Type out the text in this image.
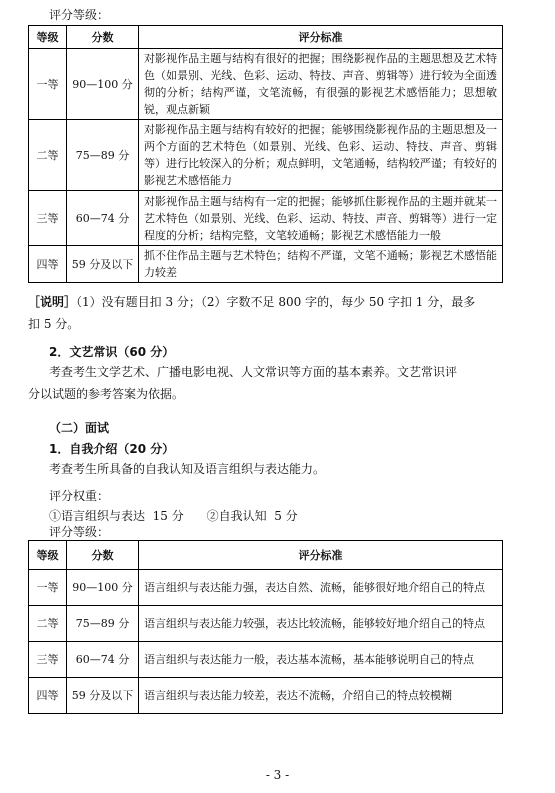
评分等级：
等级	分数	评分标准
一等	90—100 分	对影视作品主题与结构有很好的把握；围绕影视作品的主题思想及艺术特色（如景别、光线、色彩、运动、特技、声音、剪辑等）进行较为全面透彻的分析；结构严谨，文笔流畅，有很强的影视艺术感悟能力；思想敏锐，观点新颖
二等	75—89 分	对影视作品主题与结构有较好的把握；能够围绕影视作品的主题思想及一两个方面的艺术特色（如景别、光线、色彩、运动、特技、声音、剪辑等）进行比较深入的分析；观点鲜明，文笔通畅，结构较严谨；有较好的影视艺术感悟能力
三等	60—74 分	对影视作品主题与结构有一定的把握；能够抓住影视作品的主题并就某一艺术特色（如景别、光线、色彩、运动、特技、声音、剪辑等）进行一定程度的分析；结构完整，文笔较通畅；影视艺术感悟能力一般
四等	59 分及以下	抓不住作品主题与艺术特色；结构不严谨，文笔不通畅；影视艺术感悟能力较差
［说明］（1）没有题目扣 3 分；（2）字数不足 800 字的，每少 50 字扣 1 分，最多
扣 5 分。
2．文艺常识（60 分）
考查考生文学艺术、广播电影电视、人文常识等方面的基本素养。文艺常识评
分以试题的参考答案为依据。
（二）面试
1．自我介绍（20 分）
考查考生所具备的自我认知及语言组织与表达能力。
评分权重：
①语言组织与表达  15 分      ②自我认知  5 分
评分等级：
等级	分数	评分标准
一等	90—100 分	语言组织与表达能力强，表达自然、流畅，能够很好地介绍自己的特点
二等	75—89 分	语言组织与表达能力较强，表达比较流畅，能够较好地介绍自己的特点
三等	60—74 分	语言组织与表达能力一般，表达基本流畅，基本能够说明自己的特点
四等	59 分及以下	语言组织与表达能力较差，表达不流畅，介绍自己的特点较模糊
- 3 -
